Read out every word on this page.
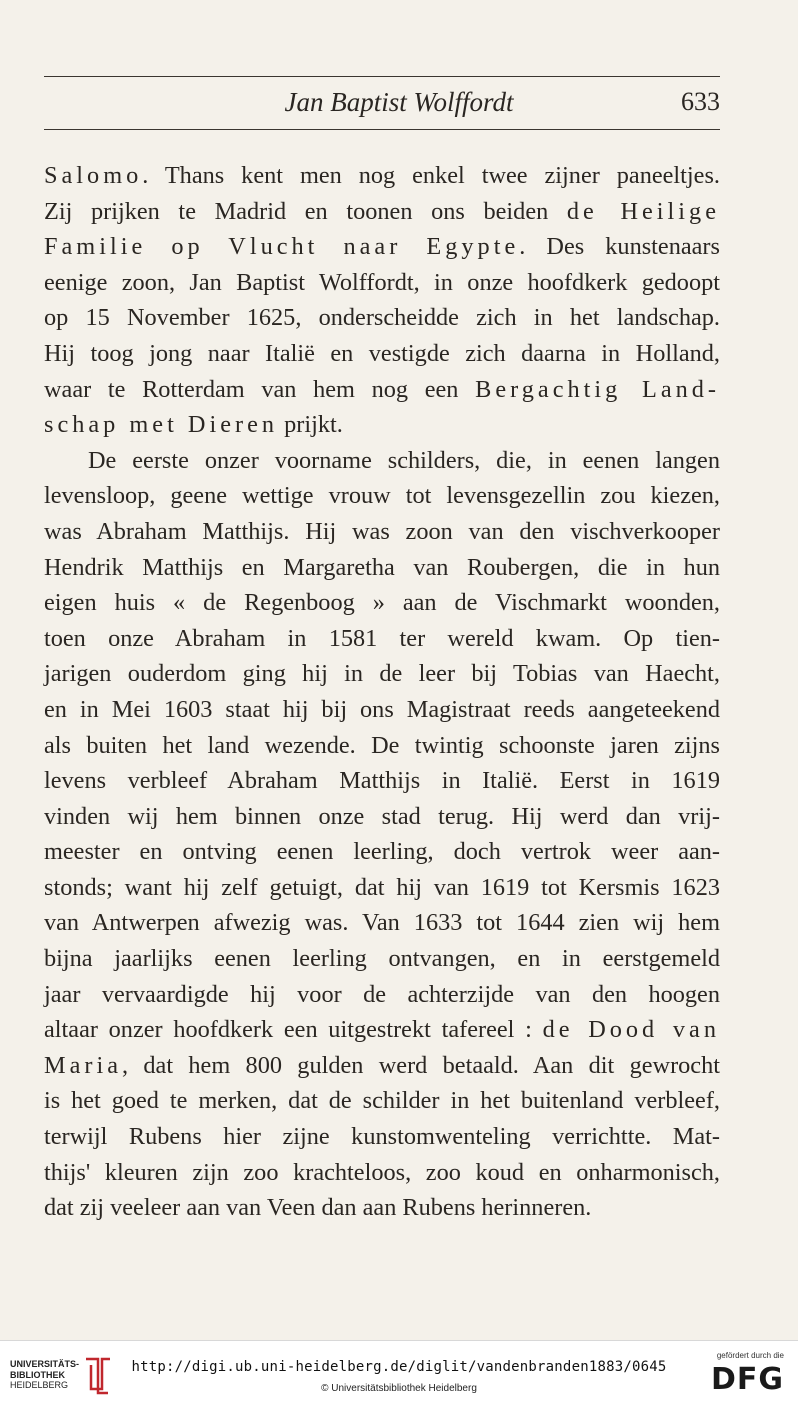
Jan Baptist Wolffordt	633
Salomo. Thans kent men nog enkel twee zijner paneeltjes.
Zij prijken te Madrid en toonen ons beiden de Heilige
Familie op Vlucht naar Egypte. Des kunstenaars
eenige zoon, Jan Baptist Wolffordt, in onze hoofdkerk gedoopt
op 15 November 1625, onderscheidde zich in het landschap.
Hij toog jong naar Italië en vestigde zich daarna in Holland,
waar te Rotterdam van hem nog een Bergachtig Land-
schap met Dieren prijkt.
De eerste onzer voorname schilders, die, in eenen langen
levensloop, geene wettige vrouw tot levensgezellin zou kiezen,
was Abraham Matthijs. Hij was zoon van den vischverkooper
Hendrik Matthijs en Margaretha van Roubergen, die in hun
eigen huis « de Regenboog » aan de Vischmarkt woonden,
toen onze Abraham in 1581 ter wereld kwam. Op tien-
jarigen ouderdom ging hij in de leer bij Tobias van Haecht,
en in Mei 1603 staat hij bij ons Magistraat reeds aangeteekend
als buiten het land wezende. De twintig schoonste jaren zijns
levens verbleef Abraham Matthijs in Italië. Eerst in 1619
vinden wij hem binnen onze stad terug. Hij werd dan vrij-
meester en ontving eenen leerling, doch vertrok weer aan-
stonds; want hij zelf getuigt, dat hij van 1619 tot Kersmis 1623
van Antwerpen afwezig was. Van 1633 tot 1644 zien wij hem
bijna jaarlijks eenen leerling ontvangen, en in eerstgemeld
jaar vervaardigde hij voor de achterzijde van den hoogen
altaar onzer hoofdkerk een uitgestrekt tafereel : de Dood van
Maria, dat hem 800 gulden werd betaald. Aan dit gewrocht
is het goed te merken, dat de schilder in het buitenland verbleef,
terwijl Rubens hier zijne kunstomwenteling verrichtte. Mat-
thijs' kleuren zijn zoo krachteloos, zoo koud en onharmonisch,
dat zij veeleer aan van Veen dan aan Rubens herinneren.
UNIVERSITÄTS-
BIBLIOTHEK
HEIDELBERG
http://digi.ub.uni-heidelberg.de/diglit/vandenbranden1883/0645
© Universitätsbibliothek Heidelberg
gefördert durch die
DFG
